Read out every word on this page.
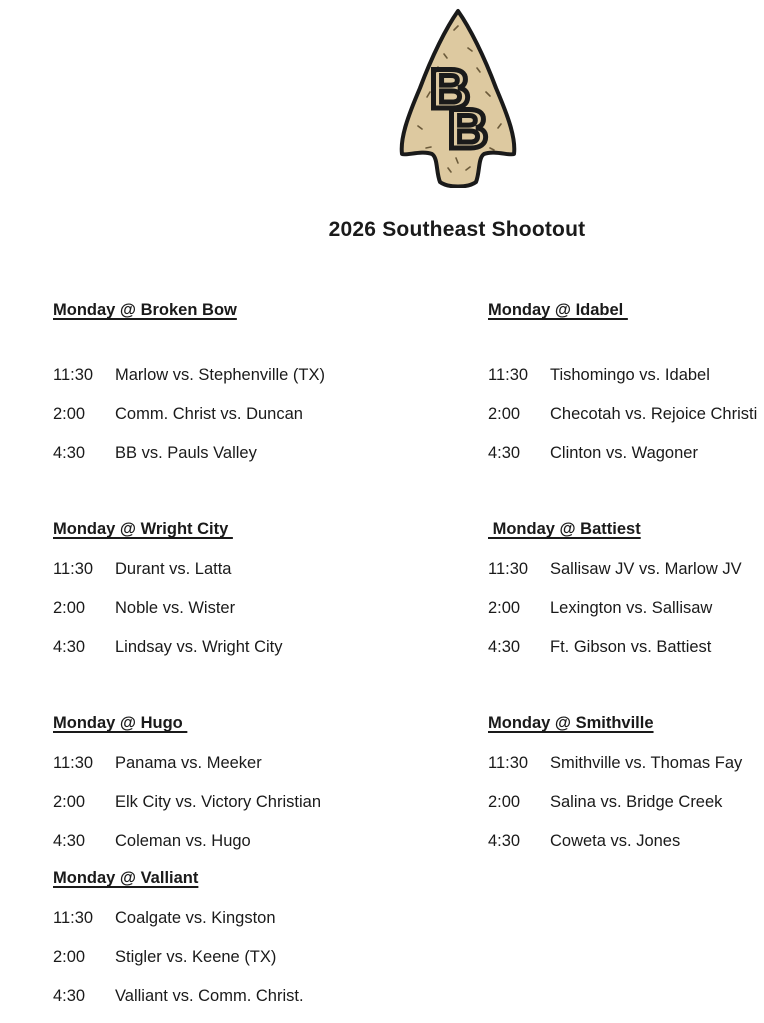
B
B
2026 Southeast Shootout
Monday @ Broken Bow
11:30	Marlow vs. Stephenville (TX)
2:00	Comm. Christ vs. Duncan
4:30	BB vs. Pauls Valley
Monday @ Wright City
11:30	Durant vs. Latta
2:00	Noble vs. Wister
4:30	Lindsay vs. Wright City
Monday @ Hugo
11:30	Panama vs. Meeker
2:00	Elk City vs. Victory Christian
4:30	Coleman vs. Hugo
Monday @ Valliant
11:30	Coalgate vs. Kingston
2:00	Stigler vs. Keene (TX)
4:30	Valliant vs. Comm. Christ.
Monday @ Idabel
11:30	Tishomingo vs. Idabel
2:00	Checotah vs. Rejoice Christi
4:30	Clinton vs. Wagoner
Monday @ Battiest
11:30	Sallisaw JV vs. Marlow JV
2:00	Lexington vs. Sallisaw
4:30	Ft. Gibson vs. Battiest
Monday @ Smithville
11:30	Smithville vs. Thomas Fay
2:00	Salina vs. Bridge Creek
4:30	Coweta vs. Jones
